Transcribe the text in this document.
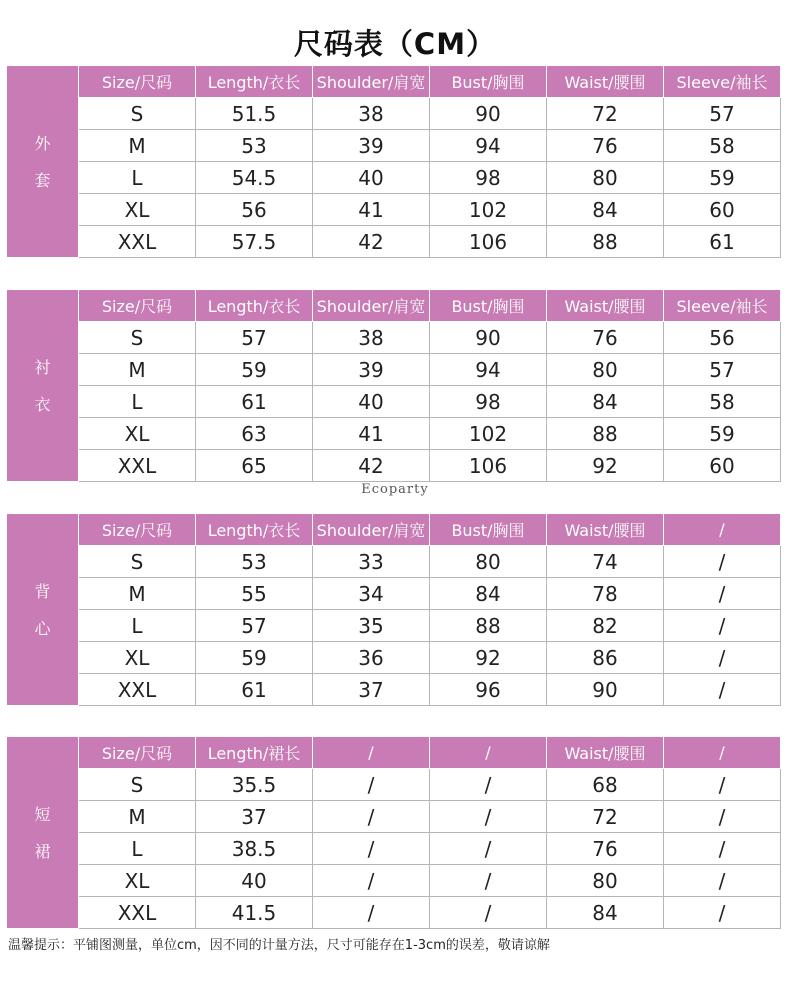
尺码表（CM）
外
套	Size/尺码	Length/衣长	Shoulder/肩宽	Bust/胸围	Waist/腰围	Sleeve/袖长
	S	51.5	38	90	72	57
	M	53	39	94	76	58
	L	54.5	40	98	80	59
	XL	56	41	102	84	60
	XXL	57.5	42	106	88	61
衬
衣	Size/尺码	Length/衣长	Shoulder/肩宽	Bust/胸围	Waist/腰围	Sleeve/袖长
	S	57	38	90	76	56
	M	59	39	94	80	57
	L	61	40	98	84	58
	XL	63	41	102	88	59
	XXL	65	42	106	92	60
Ecoparty
背
心	Size/尺码	Length/衣长	Shoulder/肩宽	Bust/胸围	Waist/腰围	/
	S	53	33	80	74	/
	M	55	34	84	78	/
	L	57	35	88	82	/
	XL	59	36	92	86	/
	XXL	61	37	96	90	/
短
裙	Size/尺码	Length/裙长	/	/	Waist/腰围	/
	S	35.5	/	/	68	/
	M	37	/	/	72	/
	L	38.5	/	/	76	/
	XL	40	/	/	80	/
	XXL	41.5	/	/	84	/
温馨提示：平铺图测量，单位cm，因不同的计量方法，尺寸可能存在1-3cm的误差，敬请谅解
